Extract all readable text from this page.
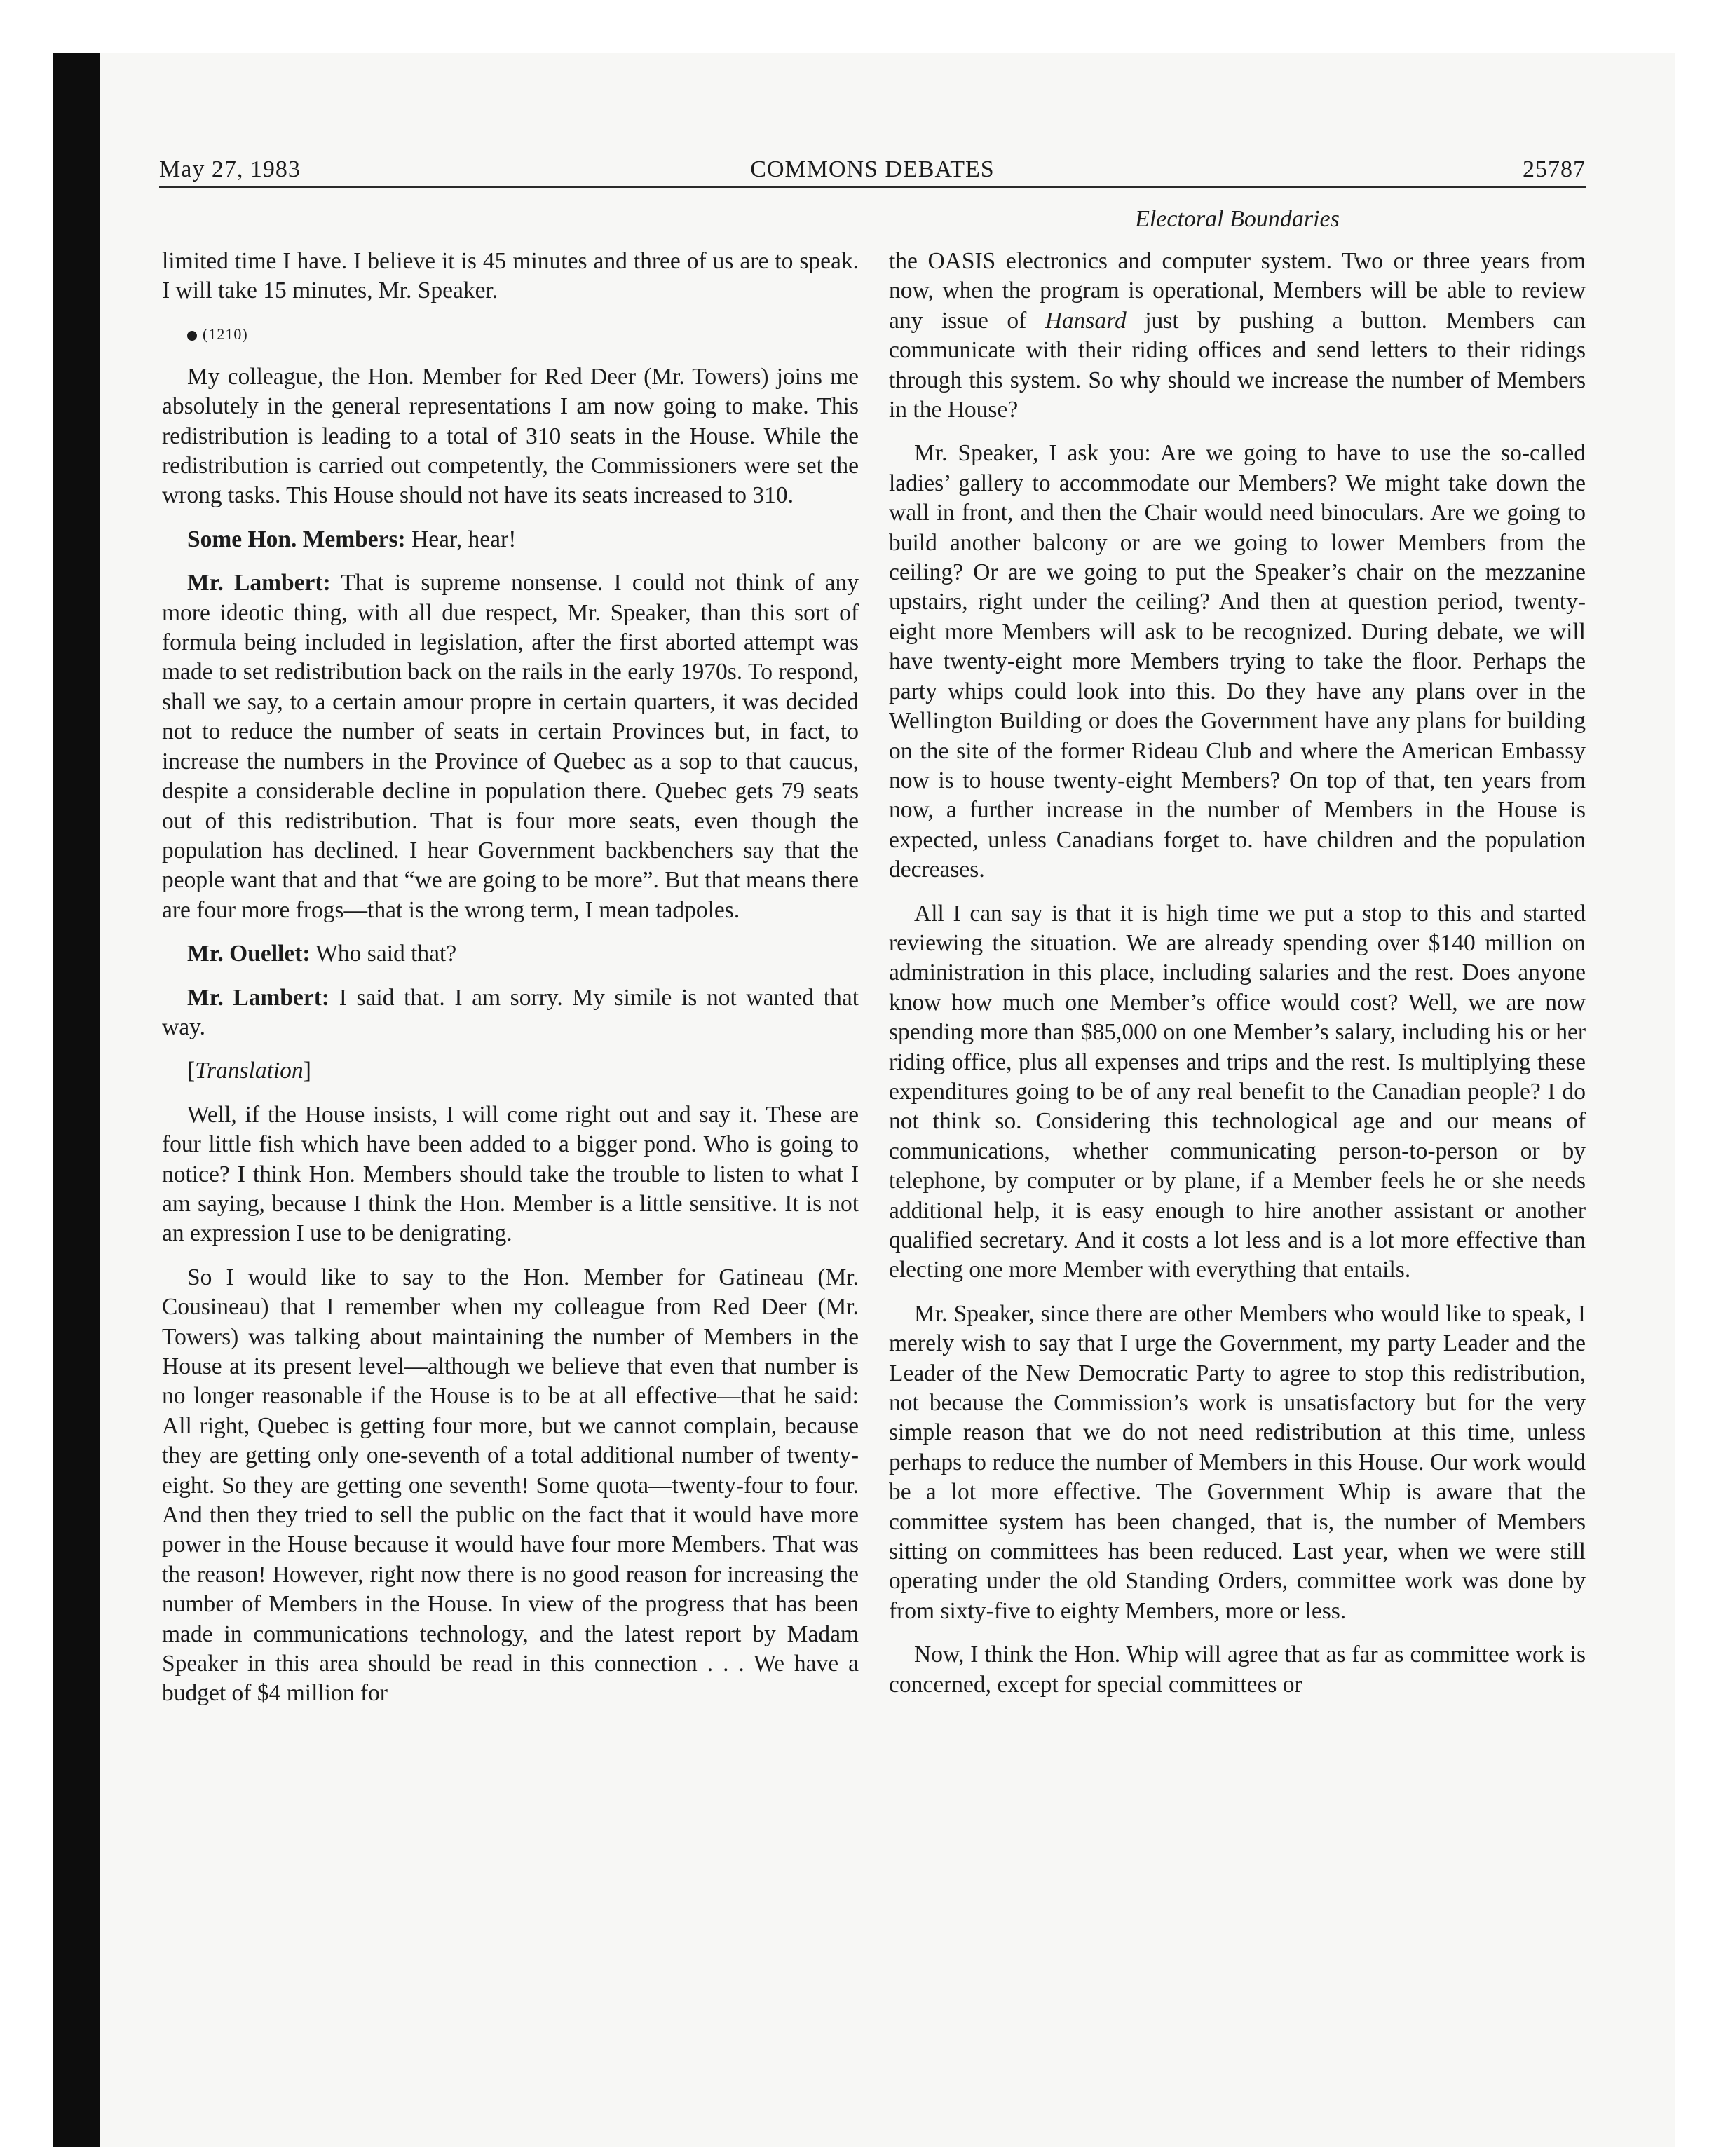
May 27, 1983	COMMONS DEBATES	25787
Electoral Boundaries

limited time I have. I believe it is 45 minutes and three of us are to speak. I will take 15 minutes, Mr. Speaker.

(1210)

My colleague, the Hon. Member for Red Deer (Mr. Towers) joins me absolutely in the general representations I am now going to make. This redistribution is leading to a total of 310 seats in the House. While the redistribution is carried out competently, the Commissioners were set the wrong tasks. This House should not have its seats increased to 310.

Some Hon. Members: Hear, hear!

Mr. Lambert: That is supreme nonsense. I could not think of any more ideotic thing, with all due respect, Mr. Speaker, than this sort of formula being included in legislation, after the first aborted attempt was made to set redistribution back on the rails in the early 1970s. To respond, shall we say, to a certain amour propre in certain quarters, it was decided not to reduce the number of seats in certain Provinces but, in fact, to increase the numbers in the Province of Quebec as a sop to that caucus, despite a considerable decline in population there. Quebec gets 79 seats out of this redistribution. That is four more seats, even though the population has declined. I hear Government backbenchers say that the people want that and that “we are going to be more”. But that means there are four more frogs—that is the wrong term, I mean tadpoles.

Mr. Ouellet: Who said that?

Mr. Lambert: I said that. I am sorry. My simile is not wanted that way.

[Translation]

Well, if the House insists, I will come right out and say it. These are four little fish which have been added to a bigger pond. Who is going to notice? I think Hon. Members should take the trouble to listen to what I am saying, because I think the Hon. Member is a little sensitive. It is not an expression I use to be denigrating.

So I would like to say to the Hon. Member for Gatineau (Mr. Cousineau) that I remember when my colleague from Red Deer (Mr. Towers) was talking about maintaining the number of Members in the House at its present level—although we believe that even that number is no longer reasonable if the House is to be at all effective—that he said: All right, Quebec is getting four more, but we cannot complain, because they are getting only one-seventh of a total additional number of twenty-eight. So they are getting one seventh! Some quota—twenty-four to four. And then they tried to sell the public on the fact that it would have more power in the House because it would have four more Members. That was the reason! However, right now there is no good reason for increasing the number of Members in the House. In view of the progress that has been made in communications technology, and the latest report by Madam Speaker in this area should be read in this connection . . . We have a budget of $4 million for

the OASIS electronics and computer system. Two or three years from now, when the program is operational, Members will be able to review any issue of Hansard just by pushing a button. Members can communicate with their riding offices and send letters to their ridings through this system. So why should we increase the number of Members in the House?

Mr. Speaker, I ask you: Are we going to have to use the so-called ladies’ gallery to accommodate our Members? We might take down the wall in front, and then the Chair would need binoculars. Are we going to build another balcony or are we going to lower Members from the ceiling? Or are we going to put the Speaker’s chair on the mezzanine upstairs, right under the ceiling? And then at question period, twenty-eight more Members will ask to be recognized. During debate, we will have twenty-eight more Members trying to take the floor. Perhaps the party whips could look into this. Do they have any plans over in the Wellington Building or does the Government have any plans for building on the site of the former Rideau Club and where the American Embassy now is to house twenty-eight Members? On top of that, ten years from now, a further increase in the number of Members in the House is expected, unless Canadians forget to. have children and the population decreases.

All I can say is that it is high time we put a stop to this and started reviewing the situation. We are already spending over $140 million on administration in this place, including salaries and the rest. Does anyone know how much one Member’s office would cost? Well, we are now spending more than $85,000 on one Member’s salary, including his or her riding office, plus all expenses and trips and the rest. Is multiplying these expenditures going to be of any real benefit to the Canadian people? I do not think so. Considering this technological age and our means of communications, whether communicating person-to-person or by telephone, by computer or by plane, if a Member feels he or she needs additional help, it is easy enough to hire another assistant or another qualified secretary. And it costs a lot less and is a lot more effective than electing one more Member with everything that entails.

Mr. Speaker, since there are other Members who would like to speak, I merely wish to say that I urge the Government, my party Leader and the Leader of the New Democratic Party to agree to stop this redistribution, not because the Commission’s work is unsatisfactory but for the very simple reason that we do not need redistribution at this time, unless perhaps to reduce the number of Members in this House. Our work would be a lot more effective. The Government Whip is aware that the committee system has been changed, that is, the number of Members sitting on committees has been reduced. Last year, when we were still operating under the old Standing Orders, committee work was done by from sixty-five to eighty Members, more or less.

Now, I think the Hon. Whip will agree that as far as committee work is concerned, except for special committees or
